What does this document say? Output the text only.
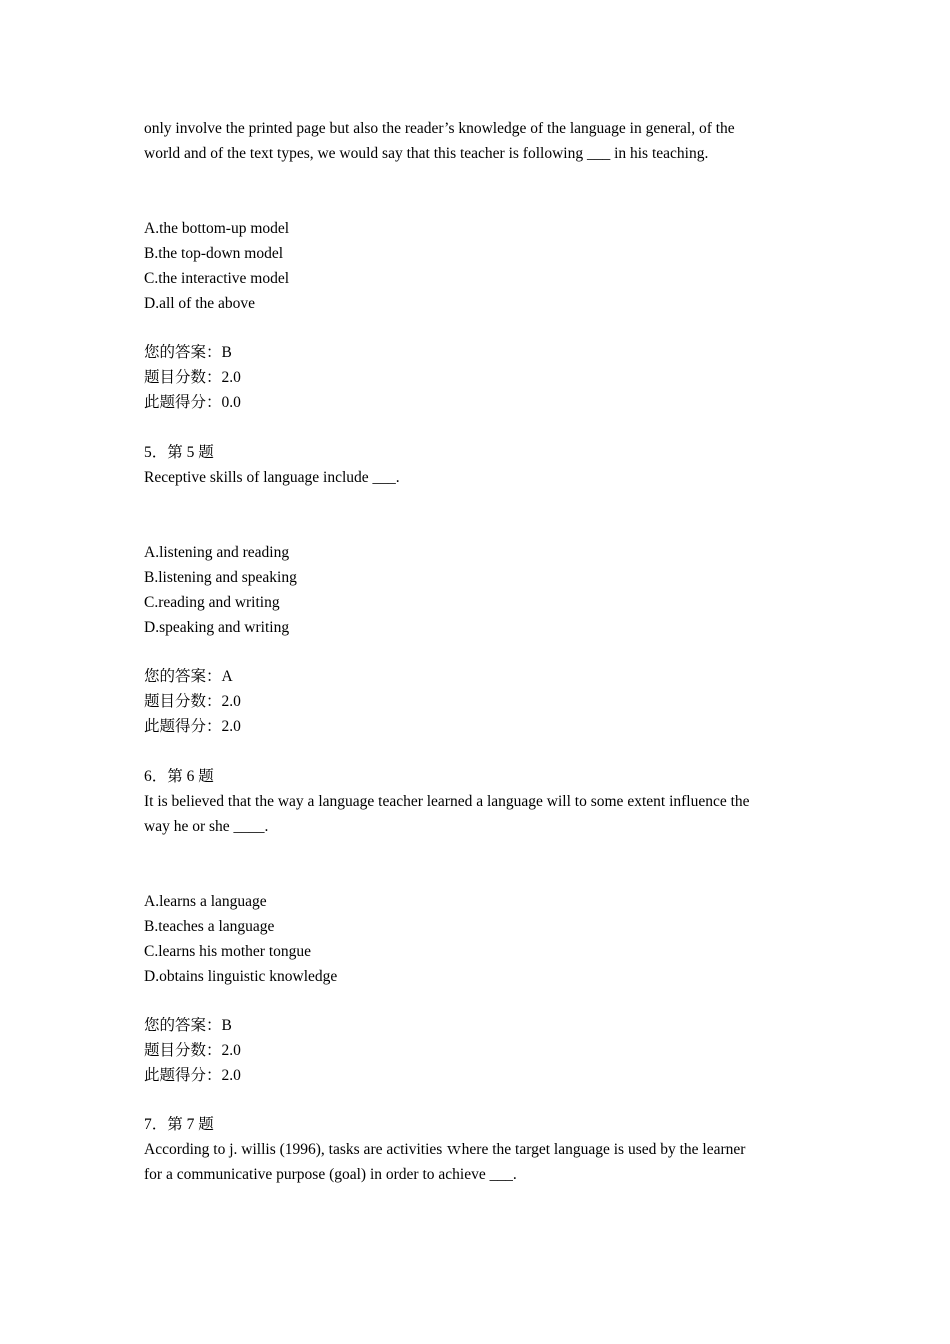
only involve the printed page but also the reader’s knowledge of the language in general, of the
world and of the text types, we would say that this teacher is following ___ in his teaching.
A.the bottom-up model
B.the top-down model
C.the interactive model
D.all of the above
您的答案：B
题目分数：2.0
此题得分：0.0
5．第 5 题
Receptive skills of language include ___.
A.listening and reading
B.listening and speaking
C.reading and writing
D.speaking and writing
您的答案：A
题目分数：2.0
此题得分：2.0
6．第 6 题
It is believed that the way a language teacher learned a language will to some extent influence the
way he or she ____.
A.learns a language
B.teaches a language
C.learns his mother tongue
D.obtains linguistic knowledge
您的答案：B
题目分数：2.0
此题得分：2.0
7．第 7 题
According to j. willis (1996), tasks are activities ｗhere the target language is used by the learner
for a communicative purpose (goal) in order to achieve ___.
